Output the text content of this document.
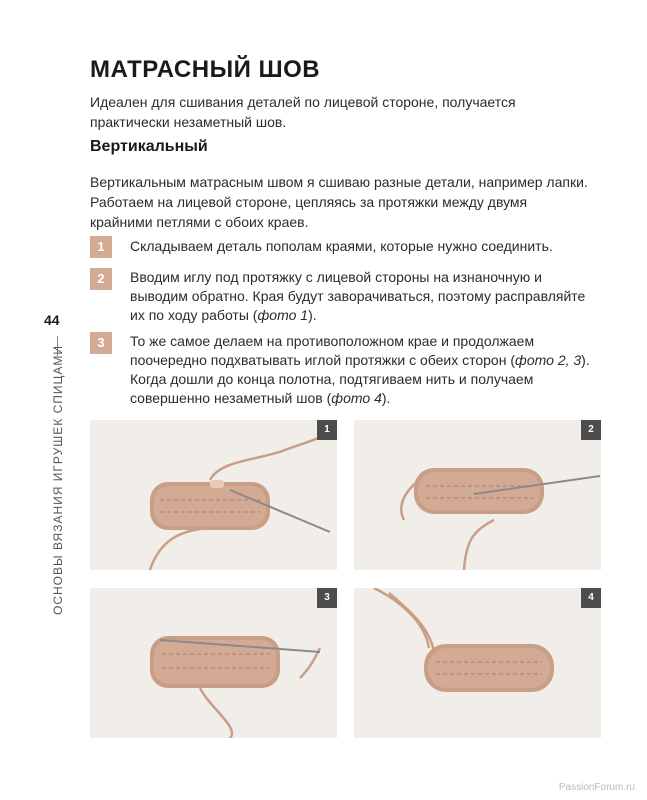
МАТРАСНЫЙ ШОВ
Идеален для сшивания деталей по лицевой стороне, получается практически незаметный шов.
Вертикальный
Вертикальным матрасным швом я сшиваю разные детали, например лапки. Работаем на лицевой стороне, цепляясь за протяжки между двумя крайними петлями с обоих краев.
1	Складываем деталь пополам краями, которые нужно соединить.
2	Вводим иглу под протяжку с лицевой стороны на изнаночную и выводим обратно. Края будут заворачиваться, поэтому расправляйте их по ходу работы (фото 1).
3	То же самое делаем на противоположном крае и продолжаем поочередно подхватывать иглой протяжки с обеих сторон (фото 2, 3).
Когда дошли до конца полотна, подтягиваем нить и получаем совершенно незаметный шов (фото 4).
44
ОСНОВЫ ВЯЗАНИЯ ИГРУШЕК СПИЦАМИ	1	2
3	4
PassionForum.ru
